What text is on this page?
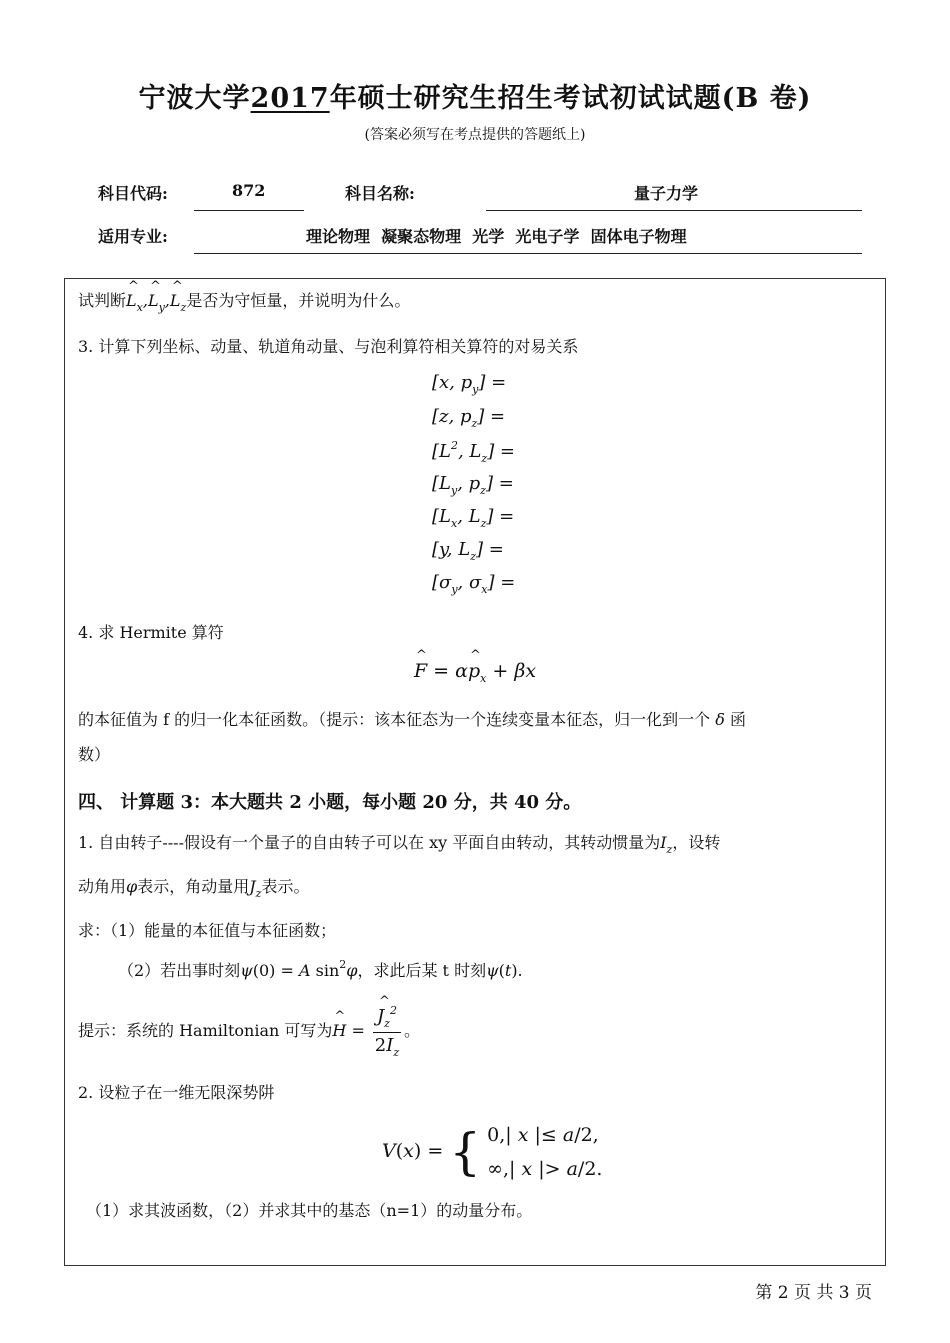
宁波大学2017年硕士研究生招生考试初试试题(B 卷)
(答案必须写在考点提供的答题纸上)
科目代码:	872	科目名称:	量子力学
适用专业:	理论物理  凝聚态物理  光学  光电子学  固体电子物理
试判断^ $L_x,\^{}$ $L_y,\^{}$ $L_z$是否为守恒量，并说明为什么。
3. 计算下列坐标、动量、轨道角动量、与泡利算符相关算符的对易关系
[x, $p_y$] =
[z, $p_z$] =
[$L^2$, $L_z$] =
[$L_y$, $p_z$] =
[$L_x$, $L_z$] =
[y, $L_z$] =
[$\sigma_y$, $\sigma_x$] =
4. 求 Hermite 算符
^ F = α^ $p_x + \beta x$
的本征值为 f 的归一化本征函数。（提示：该本征态为一个连续变量本征态，归一化到一个 δ 函
数）
四、 计算题 3：本大题共 2 小题，每小题 20 分，共 40 分。
1. 自由转子----假设有一个量子的自由转子可以在 xy 平面自由转动，其转动惯量为$I_z$，设转
动角用φ表示，角动量用$J_z$表示。
求：（1）能量的本征值与本征函数；
（2）若出事时刻ψ(0) = A $\sin^2\varphi$，求此后某 t 时刻ψ(t).
提示：系统的 Hamiltonian 可写为^ H =
^ $\frac{J_z^2}{2I_z}$ 。
2. 设粒子在一维无限深势阱
V(x) = { 0,| x |≤ a/2,
∞,| x |> a/2.
（1）求其波函数，（2）并求其中的基态（n=1）的动量分布。
第 2 页 共 3 页
